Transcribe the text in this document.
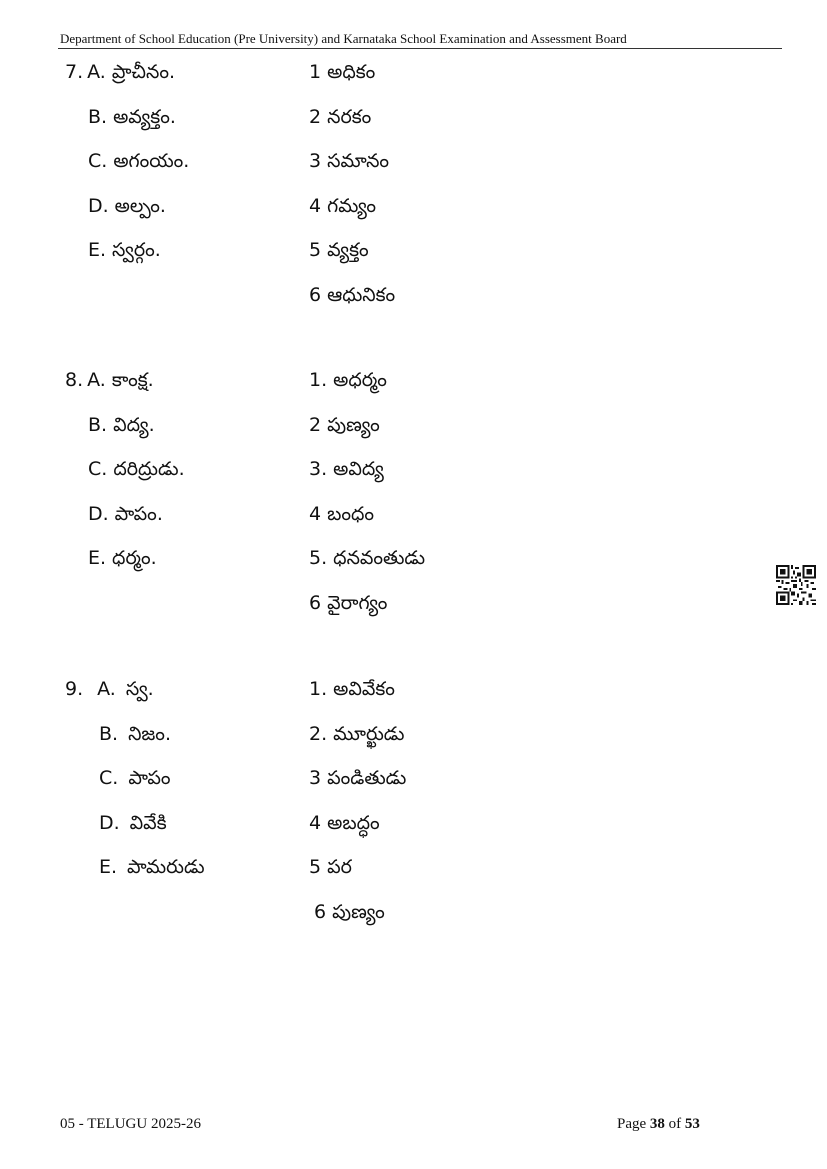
Department of School Education (Pre University) and Karnataka School Examination and Assessment Board
7. A. ప్రాచీనం.	1 అధికం
B. అవ్యక్తం.	2 నరకం
C. అగంయం.	3 సమానం
D. అల్పం.	4 గమ్యం
E. స్వర్గం.	5 వ్యక్తం
6 ఆధునికం
8. A. కాంక్ష.	1. అధర్మం
B. విద్య.	2 పుణ్యం
C. దరిద్రుడు.	3. అవిద్య
D. పాపం.	4 బంధం
E. ధర్మం.	5. ధనవంతుడు
6 వైరాగ్యం
9. A. స్వ.	1. అవివేకం
B. నిజం.	2. మూర్ఖుడు
C. పాపం	3 పండితుడు
D. వివేకి	4 అబద్ధం
E. పామరుడు	5 పర
6 పుణ్యం
05 - TELUGU 2025-26	Page 38 of 53
